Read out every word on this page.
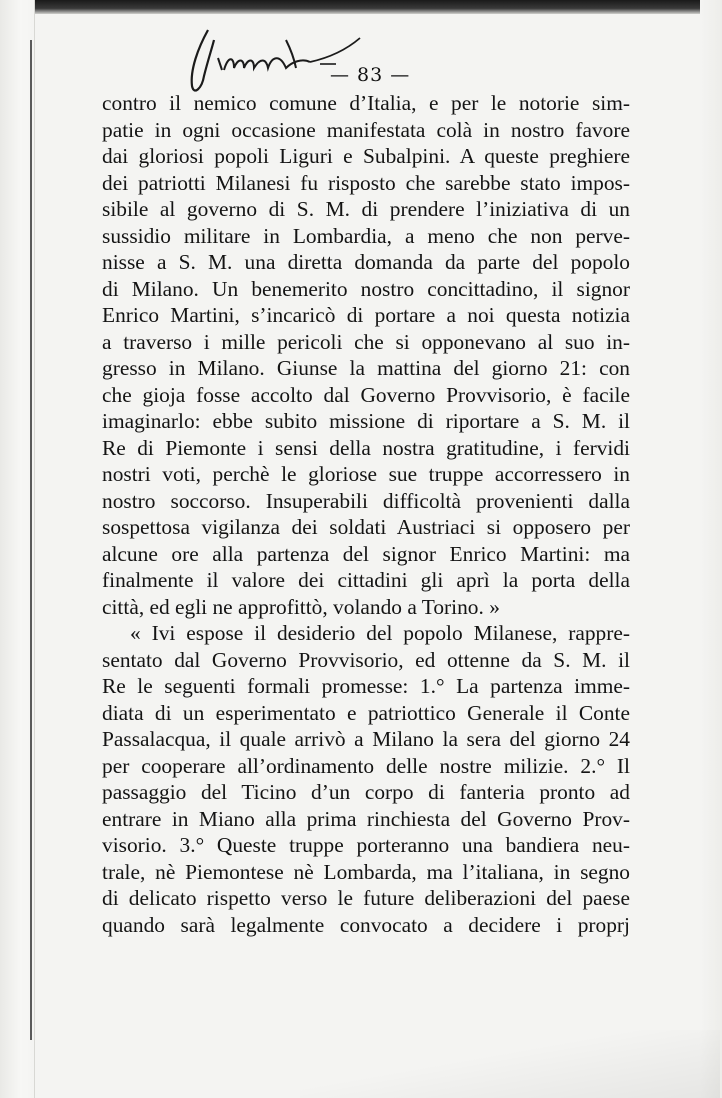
— 83 —
contro il nemico comune d’Italia, e per le notorie sim-
patie in ogni occasione manifestata colà in nostro favore
dai gloriosi popoli Liguri e Subalpini. A queste preghiere
dei patriotti Milanesi fu risposto che sarebbe stato impos-
sibile al governo di S. M. di prendere l’iniziativa di un
sussidio militare in Lombardia, a meno che non perve-
nisse a S. M. una diretta domanda da parte del popolo
di Milano. Un benemerito nostro concittadino, il signor
Enrico Martini, s’incaricò di portare a noi questa notizia
a traverso i mille pericoli che si opponevano al suo in-
gresso in Milano. Giunse la mattina del giorno 21: con
che gioja fosse accolto dal Governo Provvisorio, è facile
imaginarlo: ebbe subito missione di riportare a S. M. il
Re di Piemonte i sensi della nostra gratitudine, i fervidi
nostri voti, perchè le gloriose sue truppe accorressero in
nostro soccorso. Insuperabili difficoltà provenienti dalla
sospettosa vigilanza dei soldati Austriaci si opposero per
alcune ore alla partenza del signor Enrico Martini: ma
finalmente il valore dei cittadini gli aprì la porta della
città, ed egli ne approfittò, volando a Torino. »
« Ivi espose il desiderio del popolo Milanese, rappre-
sentato dal Governo Provvisorio, ed ottenne da S. M. il
Re le seguenti formali promesse: 1.° La partenza imme-
diata di un esperimentato e patriottico Generale il Conte
Passalacqua, il quale arrivò a Milano la sera del giorno 24
per cooperare all’ordinamento delle nostre milizie. 2.° Il
passaggio del Ticino d’un corpo di fanteria pronto ad
entrare in Miano alla prima rinchiesta del Governo Prov-
visorio. 3.° Queste truppe porteranno una bandiera neu-
trale, nè Piemontese nè Lombarda, ma l’italiana, in segno
di delicato rispetto verso le future deliberazioni del paese
quando sarà legalmente convocato a decidere i proprj
